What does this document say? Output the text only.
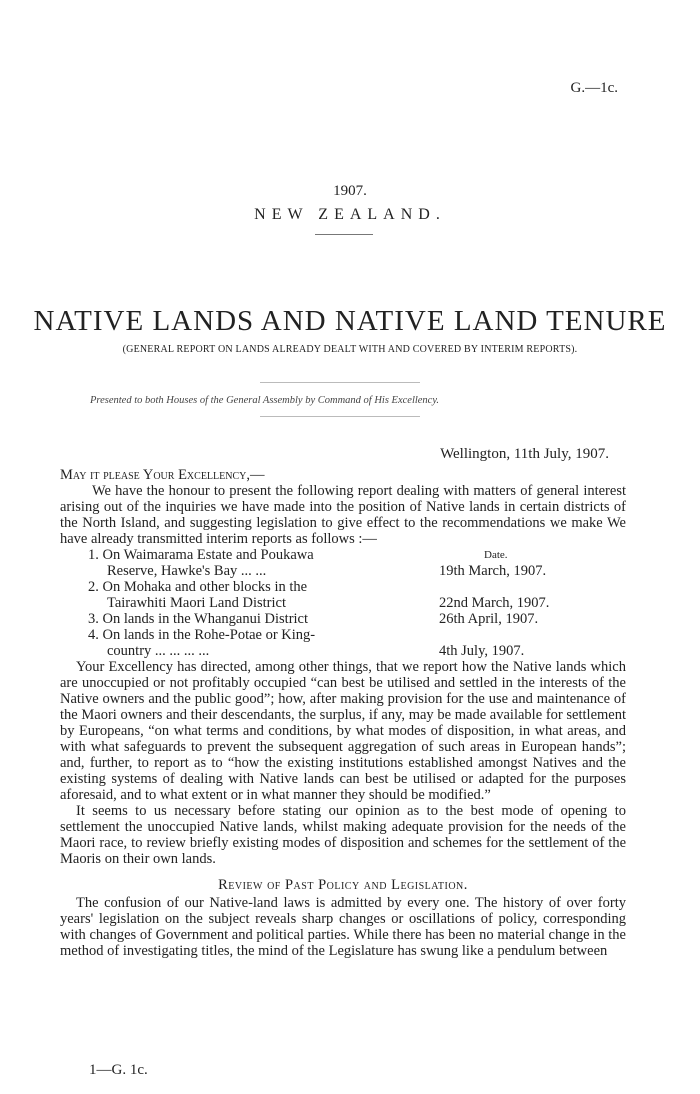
G.—1c.
1907.
NEW ZEALAND.
NATIVE LANDS AND NATIVE LAND TENURE
(GENERAL REPORT ON LANDS ALREADY DEALT WITH AND COVERED BY INTERIM REPORTS).
Presented to both Houses of the General Assembly by Command of His Excellency.
Wellington, 11th July, 1907.

May it please Your Excellency,—

We have the honour to present the following report dealing with matters of general interest arising out of the inquiries we have made into the position of Native lands in certain districts of the North Island, and suggesting legislation to give effect to the recommendations we make We have already transmitted interim reports as follows :—

1. On Waimarama Estate and Poukawa	Date.
Reserve, Hawke's Bay ... ...	19th March, 1907.
2. On Mohaka and other blocks in the
Tairawhiti Maori Land District	22nd March, 1907.
3. On lands in the Whanganui District	26th April, 1907.
4. On lands in the Rohe-Potae or King-
country ... ... ... ...	4th July, 1907.

Your Excellency has directed, among other things, that we report how the Native lands which are unoccupied or not profitably occupied “can best be utilised and settled in the interests of the Native owners and the public good”; how, after making provision for the use and maintenance of the Maori owners and their descendants, the surplus, if any, may be made available for settlement by Europeans, “on what terms and conditions, by what modes of disposition, in what areas, and with what safeguards to prevent the subsequent aggregation of such areas in European hands”; and, further, to report as to “how the existing institutions established amongst Natives and the existing systems of dealing with Native lands can best be utilised or adapted for the purposes aforesaid, and to what extent or in what manner they should be modified.”

It seems to us necessary before stating our opinion as to the best mode of opening to settlement the unoccupied Native lands, whilst making adequate provision for the needs of the Maori race, to review briefly existing modes of disposition and schemes for the settlement of the Maoris on their own lands.

Review of Past Policy and Legislation.

The confusion of our Native-land laws is admitted by every one. The history of over forty years' legislation on the subject reveals sharp changes or oscillations of policy, corresponding with changes of Government and political parties. While there has been no material change in the method of investigating titles, the mind of the Legislature has swung like a pendulum between

1—G. 1c.
